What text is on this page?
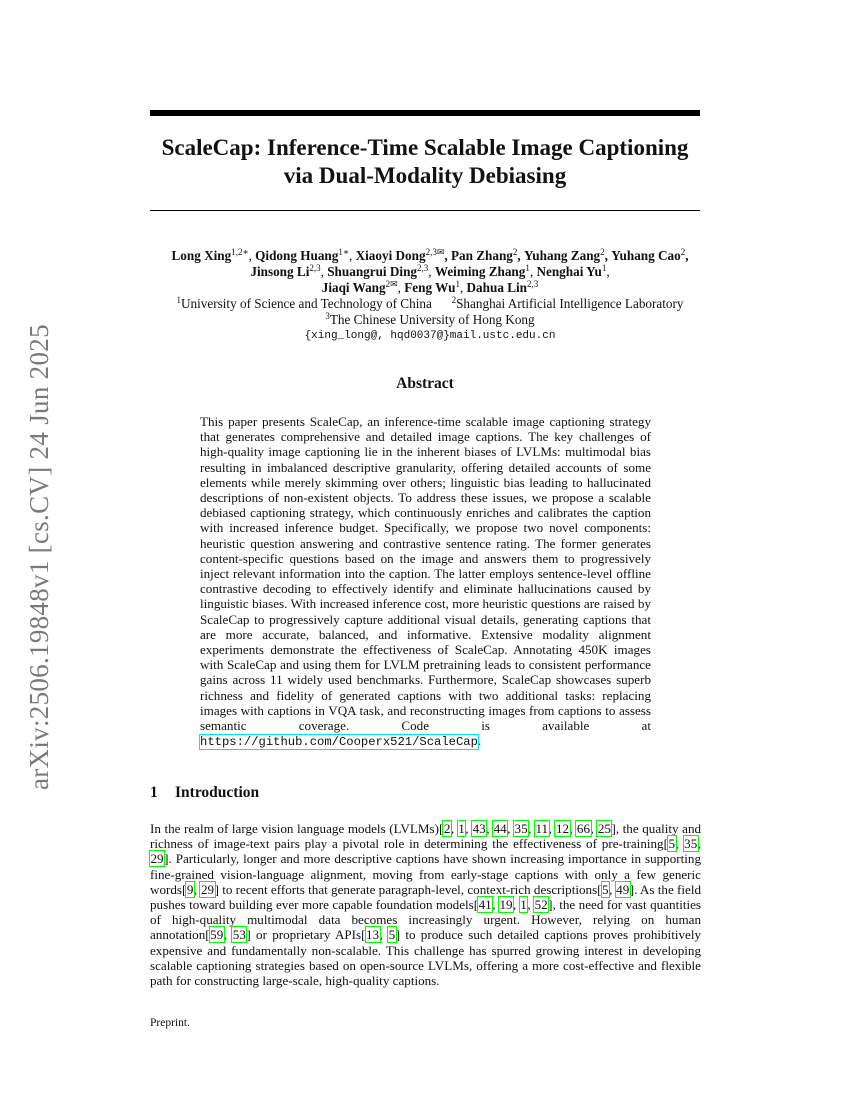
arXiv:2506.19848v1 [cs.CV] 24 Jun 2025
ScaleCap: Inference-Time Scalable Image Captioning
via Dual-Modality Debiasing
Long Xing$^{1,2∗}$, Qidong Huang$^{1∗}$, Xiaoyi Dong$^{2,3✉}$, Pan Zhang$^2$, Yuhang Zang$^2$, Yuhang Cao$^2$,
Jinsong Li$^{2,3}$, Shuangrui Ding$^{2,3}$, Weiming Zhang$^1$, Nenghai Yu$^1$,
Jiaqi Wang$^{2✉}$, Feng Wu$^1$, Dahua Lin$^{2,3}$
$^1$University of Science and Technology of China $^2$Shanghai Artificial Intelligence Laboratory
$^3$The Chinese University of Hong Kong
{xing_long@, hqd0037@}mail.ustc.edu.cn
Abstract
This paper presents ScaleCap, an inference-time scalable image captioning strategy that generates comprehensive and detailed image captions. The key challenges of high-quality image captioning lie in the inherent biases of LVLMs: multimodal bias resulting in imbalanced descriptive granularity, offering detailed accounts of some elements while merely skimming over others; linguistic bias leading to hallucinated descriptions of non-existent objects. To address these issues, we propose a scalable debiased captioning strategy, which continuously enriches and calibrates the caption with increased inference budget. Specifically, we propose two novel components: heuristic question answering and contrastive sentence rating. The former generates content-specific questions based on the image and answers them to progressively inject relevant information into the caption. The latter employs sentence-level offline contrastive decoding to effectively identify and eliminate hallucinations caused by linguistic biases. With increased inference cost, more heuristic questions are raised by ScaleCap to progressively capture additional visual details, generating captions that are more accurate, balanced, and informative. Extensive modality alignment experiments demonstrate the effectiveness of ScaleCap. Annotating 450K images with ScaleCap and using them for LVLM pretraining leads to consistent performance gains across 11 widely used benchmarks. Furthermore, ScaleCap showcases superb richness and fidelity of generated captions with two additional tasks: replacing images with captions in VQA task, and reconstructing images from captions to assess semantic coverage.	Code is available at https://github.com/Cooperx521/ScaleCap.
1 Introduction
In the realm of large vision language models (LVLMs)[2, 1, 43, 44, 35, 11, 12, 66, 25], the quality and richness of image-text pairs play a pivotal role in determining the effectiveness of pre-training[5, 35, 29]. Particularly, longer and more descriptive captions have shown increasing importance in supporting fine-grained vision-language alignment, moving from early-stage captions with only a few generic words[9, 29] to recent efforts that generate paragraph-level, context-rich descriptions[5, 49]. As the field pushes toward building ever more capable foundation models[41, 19, 1, 52], the need for vast quantities of high-quality multimodal data becomes increasingly urgent. However, relying on human annotation[59, 53] or proprietary APIs[13, 5] to produce such detailed captions proves prohibitively expensive and fundamentally non-scalable. This challenge has spurred growing interest in developing scalable captioning strategies based on open-source LVLMs, offering a more cost-effective and flexible path for constructing large-scale, high-quality captions.
Preprint.
